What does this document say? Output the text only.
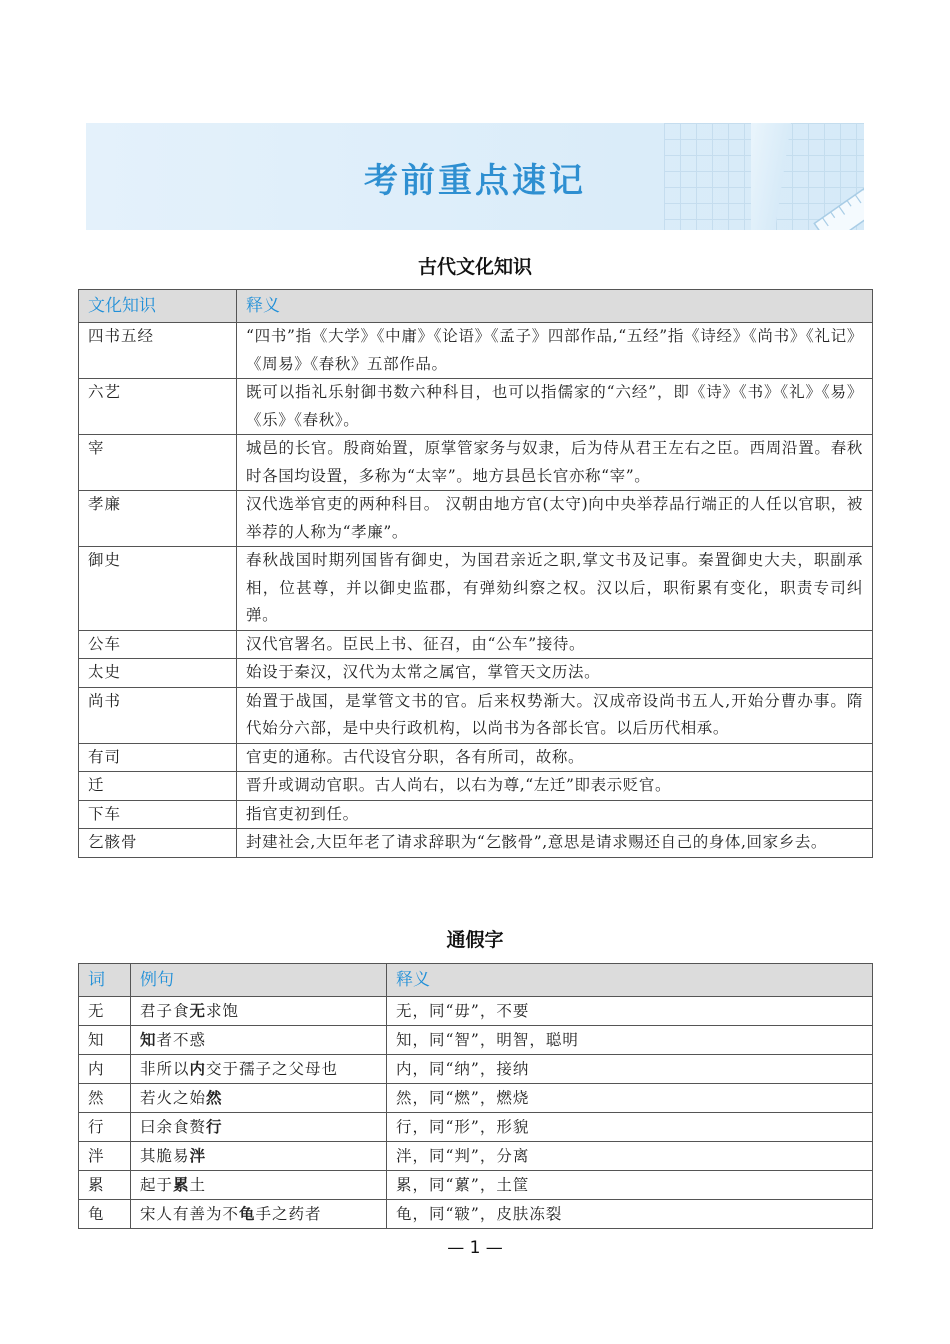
考前重点速记
古代文化知识
文化知识	释义
四书五经	“四书”指《大学》《中庸》《论语》《孟子》四部作品,“五经”指《诗经》《尚书》《礼记》《周易》《春秋》五部作品。
六艺	既可以指礼乐射御书数六种科目，也可以指儒家的“六经”，即《诗》《书》《礼》《易》《乐》《春秋》。
宰	城邑的长官。殷商始置，原掌管家务与奴隶，后为侍从君王左右之臣。西周沿置。春秋时各国均设置，多称为“太宰”。地方县邑长官亦称“宰”。
孝廉	汉代选举官吏的两种科目。 汉朝由地方官(太守)向中央举荐品行端正的人任以官职，被举荐的人称为“孝廉”。
御史	春秋战国时期列国皆有御史，为国君亲近之职,掌文书及记事。秦置御史大夫，职副承相，位甚尊，并以御史监郡，有弹劾纠察之权。汉以后，职衔累有变化，职责专司纠弹。
公车	汉代官署名。臣民上书、征召，由“公车”接待。
太史	始设于秦汉，汉代为太常之属官，掌管天文历法。
尚书	始置于战国，是掌管文书的官。后来权势渐大。汉成帝设尚书五人,开始分曹办事。隋代始分六部，是中央行政机构，以尚书为各部长官。以后历代相承。
有司	官吏的通称。古代设官分职，各有所司，故称。
迁	晋升或调动官职。古人尚右，以右为尊,“左迁”即表示贬官。
下车	指官吏初到任。
乞骸骨	封建社会,大臣年老了请求辞职为“乞骸骨”,意思是请求赐还自己的身体,回家乡去。
通假字
词	例句	释义
无	君子食无求饱	无，同“毋”，不要
知	知者不惑	知，同“智”，明智，聪明
内	非所以内交于孺子之父母也	内，同“纳”，接纳
然	若火之始然	然，同“燃”，燃烧
行	曰余食赘行	行，同“形”，形貌
泮	其脆易泮	泮，同“判”，分离
累	起于累土	累，同“蔂”，土筐
龟	宋人有善为不龟手之药者	龟，同“皲”，皮肤冻裂
— 1 —
